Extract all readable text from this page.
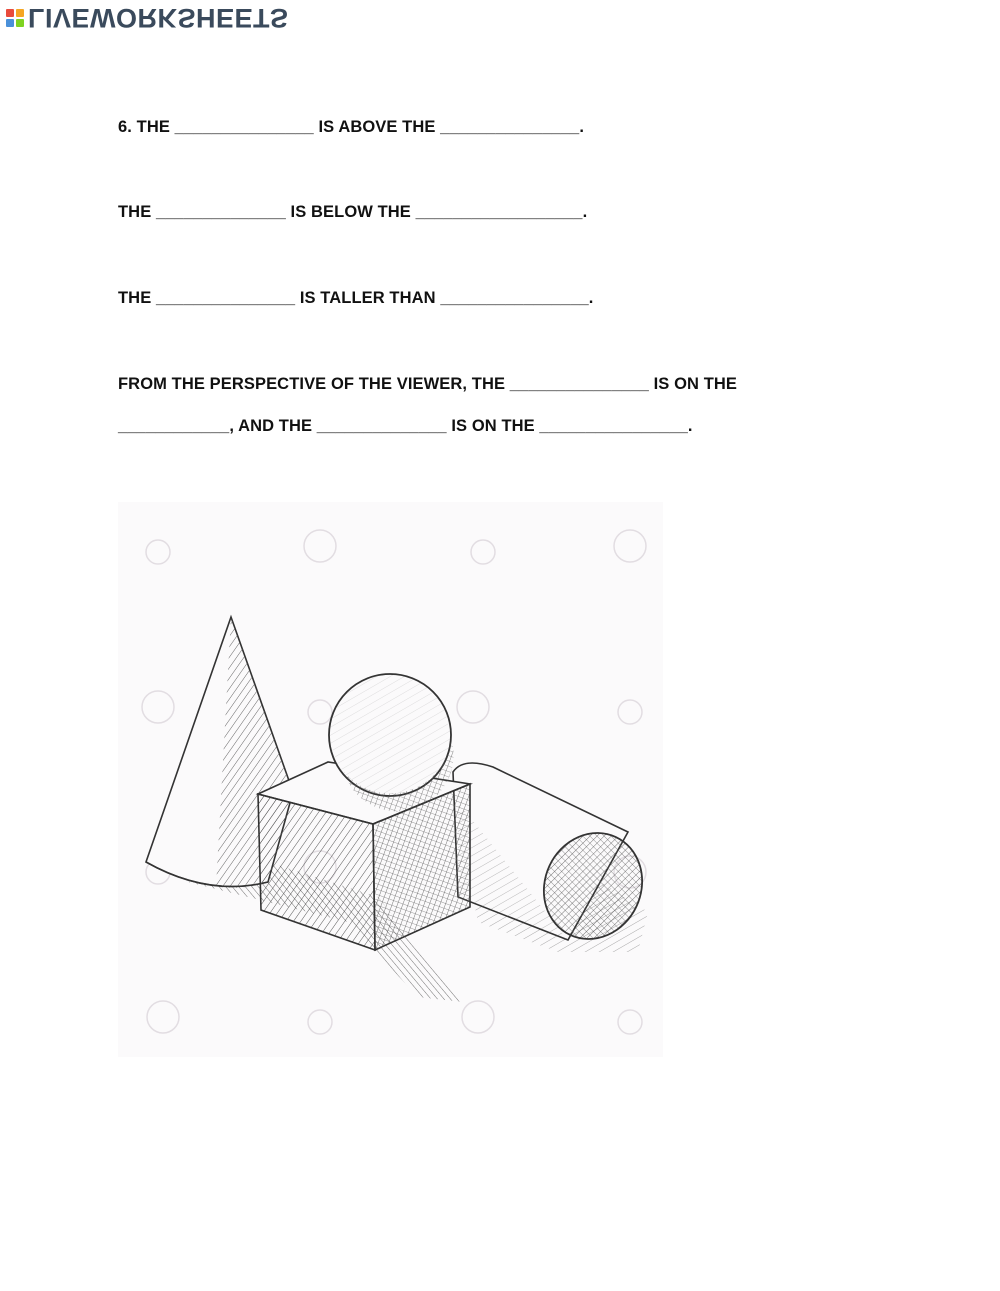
LIVEWORKSHEETS
6. THE _______________ IS ABOVE THE _______________.
THE ______________ IS BELOW THE __________________.
THE _______________ IS TALLER THAN ________________.
FROM THE PERSPECTIVE OF THE VIEWER, THE _______________ IS ON THE
____________, AND THE ______________ IS ON THE ________________.
